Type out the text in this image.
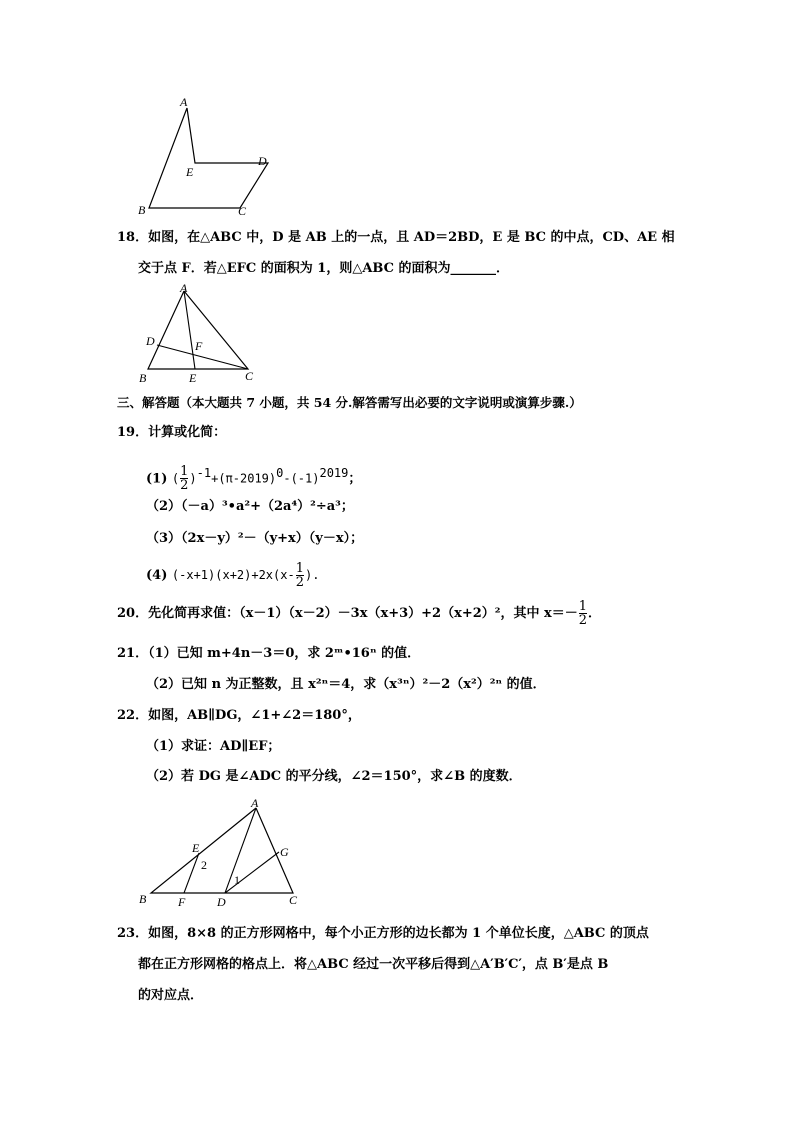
A
B	C
D
E
18．如图，在△ABC 中，D 是 AB 上的一点，且 AD＝2BD，E 是 BC 的中点，CD、AE 相
交于点 F．若△EFC 的面积为 1，则△ABC 的面积为_______．
A
B	C
D
E
F
三、解答题（本大题共 7 小题，共 54 分.解答需写出必要的文字说明或演算步骤.）
19．计算或化简：
(1) ( $\frac{1}{2} )^{-1}+(\pi-2019)^0-(-1)^{2019}$；
（2）（－a）³•a²+（2a⁴）²÷a³；
（3）（2x－y）²－（y+x）（y－x）；
(4) $(-x+1)(x+2)+2x(x- \frac{1}{2}$ ).
20．先化简再求值：（x－1）（x－2）－3x（x+3）+2（x+2）²，其中 $x=- \frac{1}{2}$ ．
21．（1）已知 m+4n－3＝0，求 2ᵐ•16ⁿ 的值．
（2）已知 n 为正整数，且 x²ⁿ＝4，求（x³ⁿ）²－2（x²）²ⁿ 的值．
22．如图，AB∥DG，∠1+∠2＝180°，
（1）求证：AD∥EF；
（2）若 DG 是∠ADC 的平分线，∠2＝150°，求∠B 的度数．
A
B	C
D
E
F
G
1
2
23．如图，8×8 的正方形网格中，每个小正方形的边长都为 1 个单位长度，△ABC 的顶点
都在正方形网格的格点上．将△ABC 经过一次平移后得到△A′B′C′，点 B′是点 B
的对应点．
